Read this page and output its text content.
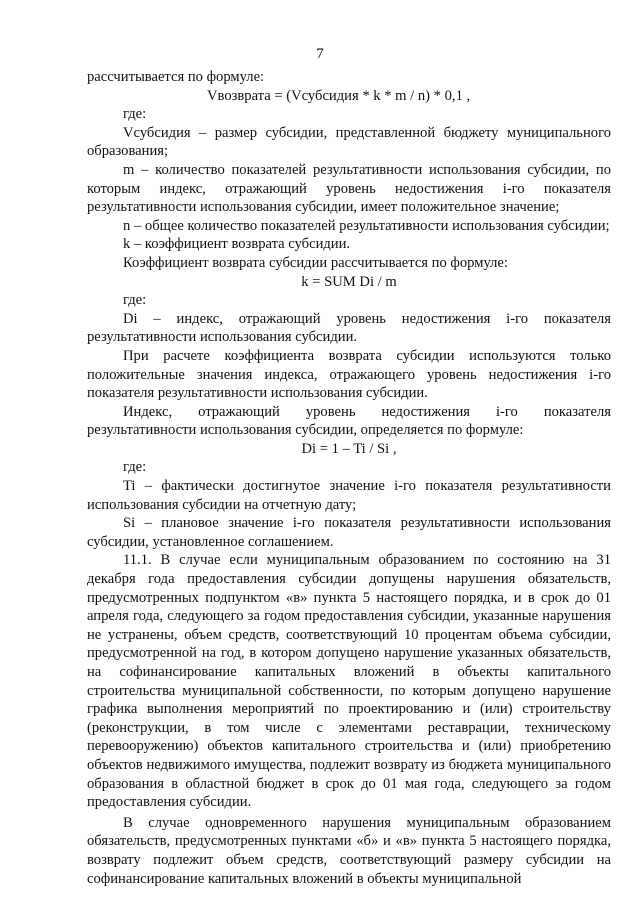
7

рассчитывается по формуле:

Vвозврата = (Vсубсидия * k * m / n) * 0,1 ,

где:

Vсубсидия – размер субсидии, представленной бюджету муниципального образования;

m – количество показателей результативности использования субсидии, по которым индекс, отражающий уровень недостижения i-го показателя результативности использования субсидии, имеет положительное значение;

n – общее количество показателей результативности использования субсидии;

k – коэффициент возврата субсидии.

Коэффициент возврата субсидии рассчитывается по формуле:

k = SUM Di / m

где:

Di – индекс, отражающий уровень недостижения i-го показателя результативности использования субсидии.

При расчете коэффициента возврата субсидии используются только положительные значения индекса, отражающего уровень недостижения i-го показателя результативности использования субсидии.

Индекс, отражающий уровень недостижения i-го показателя результативности использования субсидии, определяется по формуле:

Di = 1 – Ti / Si ,

где:

Ti – фактически достигнутое значение i-го показателя результативности использования субсидии на отчетную дату;

Si – плановое значение i-го показателя результативности использования субсидии, установленное соглашением.

11.1. В случае если муниципальным образованием по состоянию на 31 декабря года предоставления субсидии допущены нарушения обязательств, предусмотренных подпунктом «в» пункта 5 настоящего порядка, и в срок до 01 апреля года, следующего за годом предоставления субсидии, указанные нарушения не устранены, объем средств, соответствующий 10 процентам объема субсидии, предусмотренной на год, в котором допущено нарушение указанных обязательств, на софинансирование капитальных вложений в объекты капитального строительства муниципальной собственности, по которым допущено нарушение графика выполнения мероприятий по проектированию и (или) строительству (реконструкции, в том числе с элементами реставрации, техническому перевооружению) объектов капитального строительства и (или) приобретению объектов недвижимого имущества, подлежит возврату из бюджета муниципального образования в областной бюджет в срок до 01 мая года, следующего за годом предоставления субсидии.

В случае одновременного нарушения муниципальным образованием обязательств, предусмотренных пунктами «б» и «в» пункта 5 настоящего порядка, возврату подлежит объем средств, соответствующий размеру субсидии на софинансирование капитальных вложений в объекты муниципальной
